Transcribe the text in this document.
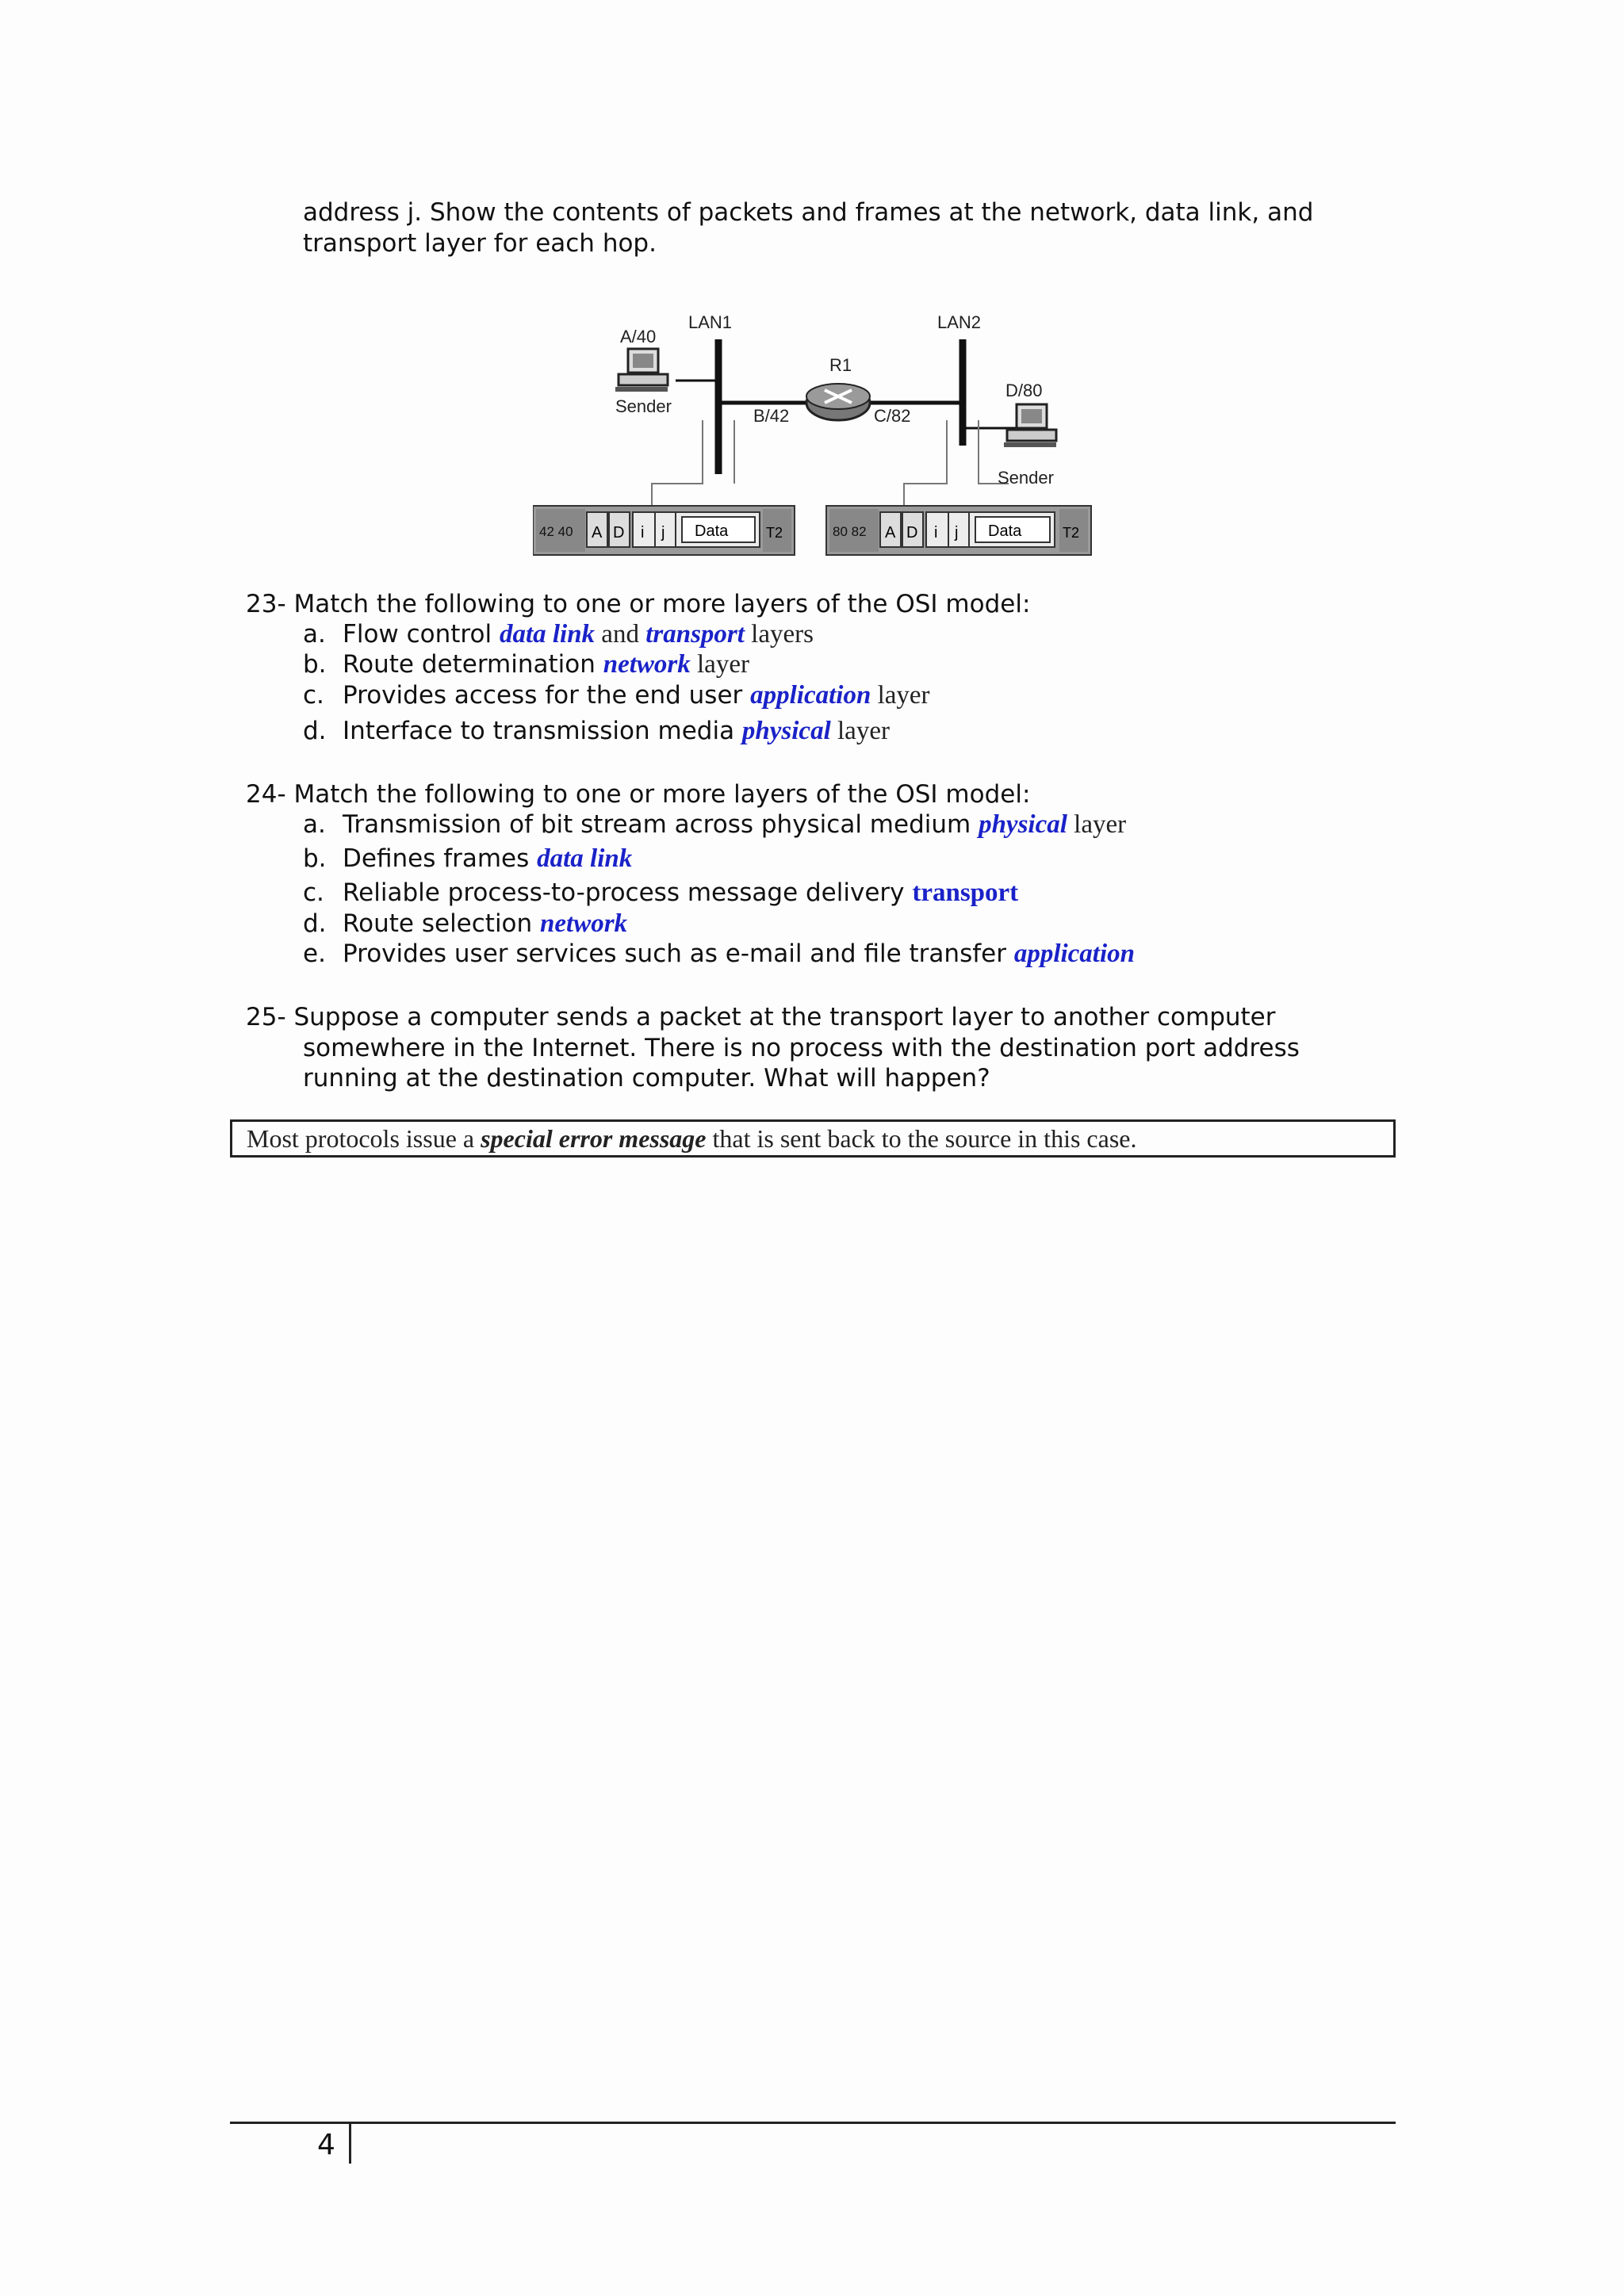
address j. Show the contents of packets and frames at the network, data link, and
transport layer for each hop.
LAN1	LAN2
R1
A/40
Sender	B/42	C/82
D/80
Sender
42 40 A D i j Data	T2	80 82 A D i j Data	T2
23- Match the following to one or more layers of the OSI model:
a. Flow control data link and transport layers
b. Route determination network layer
c. Provides access for the end user application layer
d. Interface to transmission media physical layer
24- Match the following to one or more layers of the OSI model:
a. Transmission of bit stream across physical medium physical layer
b. Defines frames data link
c. Reliable process-to-process message delivery transport
d. Route selection network
e. Provides user services such as e-mail and file transfer application
25- Suppose a computer sends a packet at the transport layer to another computer
somewhere in the Internet. There is no process with the destination port address
running at the destination computer. What will happen?
Most protocols issue a special error message that is sent back to the source in this case.
4
